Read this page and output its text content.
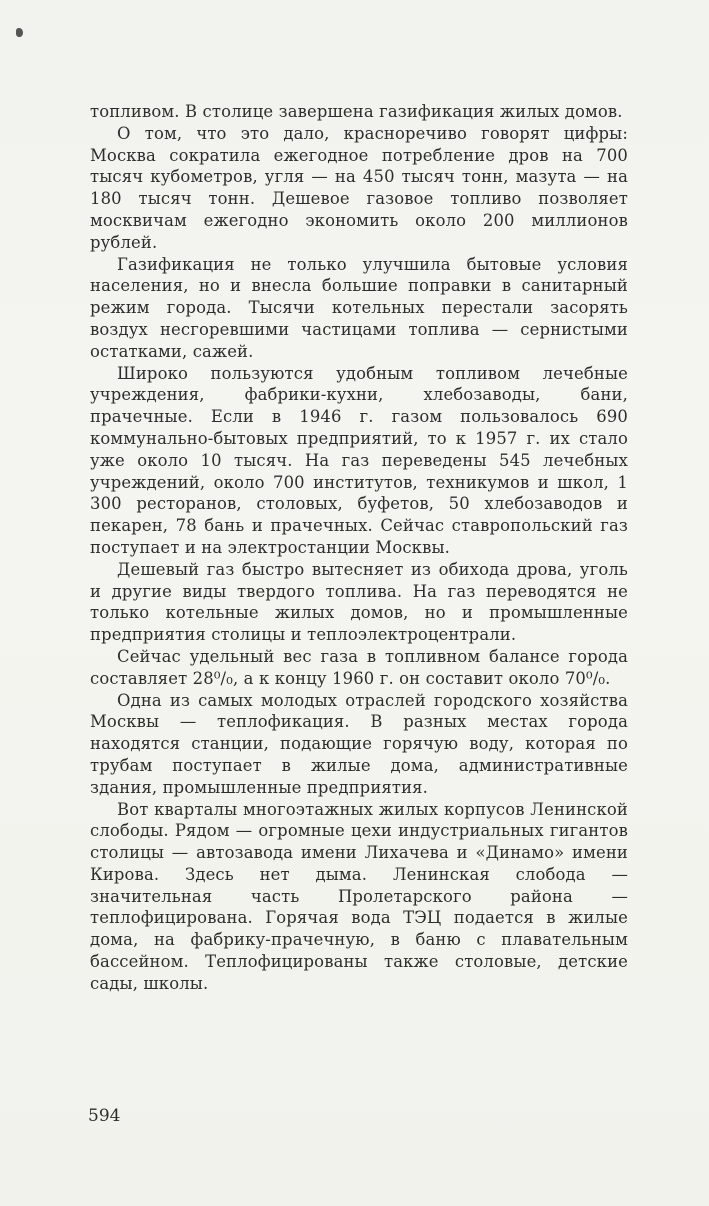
топливом. В столице завершена газификация жилых домов.

О том, что это дало, красноречиво говорят цифры: Москва сократила ежегодное потребление дров на 700 тысяч кубометров, угля — на 450 тысяч тонн, мазута — на 180 тысяч тонн. Дешевое газовое топливо позволяет москвичам ежегодно экономить около 200 миллионов рублей.

Газификация не только улучшила бытовые условия населения, но и внесла большие поправки в санитарный режим города. Тысячи котельных перестали засорять воздух несгоревшими частицами топлива — сернистыми остатками, сажей.

Широко пользуются удобным топливом лечебные учреждения, фабрики-кухни, хлебозаводы, бани, прачечные. Если в 1946 г. газом пользовалось 690 коммунально-бытовых предприятий, то к 1957 г. их стало уже около 10 тысяч. На газ переведены 545 лечебных учреждений, около 700 институтов, техникумов и школ, 1 300 ресторанов, столовых, буфетов, 50 хлебозаводов и пекарен, 78 бань и прачечных. Сейчас ставропольский газ поступает и на электростанции Москвы.

Дешевый газ быстро вытесняет из обихода дрова, уголь и другие виды твердого топлива. На газ переводятся не только котельные жилых домов, но и промышленные предприятия столицы и теплоэлектроцентрали.

Сейчас удельный вес газа в топливном балансе города составляет 28⁰/₀, а к концу 1960 г. он составит около 70⁰/₀.

Одна из самых молодых отраслей городского хозяйства Москвы — теплофикация. В разных местах города находятся станции, подающие горячую воду, которая по трубам поступает в жилые дома, административные здания, промышленные предприятия.

Вот кварталы многоэтажных жилых корпусов Ленинской слободы. Рядом — огромные цехи индустриальных гигантов столицы — автозавода имени Лихачева и «Динамо» имени Кирова. Здесь нет дыма. Ленинская слобода — значительная часть Пролетарского района — теплофицирована. Горячая вода ТЭЦ подается в жилые дома, на фабрику-прачечную, в баню с плавательным бассейном. Теплофицированы также столовые, детские сады, школы.

594
